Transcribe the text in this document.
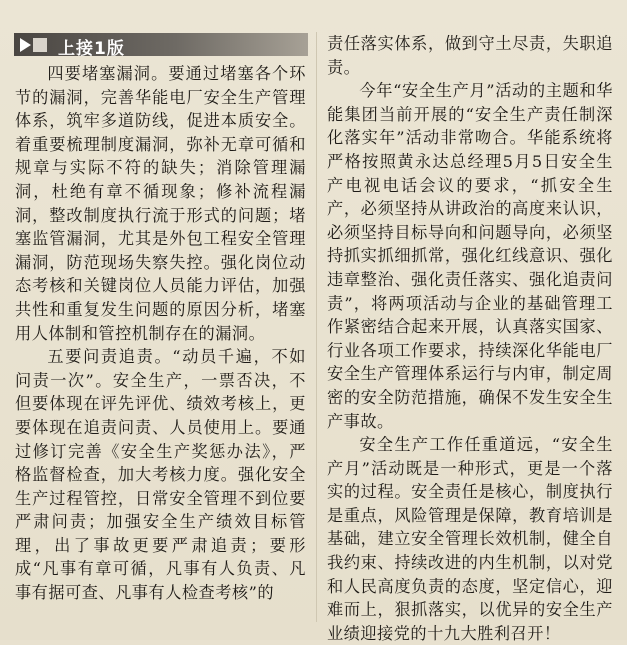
上接1版

四要堵塞漏洞。要通过堵塞各个环节的漏洞，完善华能电厂安全生产管理体系，筑牢多道防线，促进本质安全。着重要梳理制度漏洞，弥补无章可循和规章与实际不符的缺失；消除管理漏洞，杜绝有章不循现象；修补流程漏洞，整改制度执行流于形式的问题；堵塞监管漏洞，尤其是外包工程安全管理漏洞，防范现场失察失控。强化岗位动态考核和关键岗位人员能力评估，加强共性和重复发生问题的原因分析，堵塞用人体制和管控机制存在的漏洞。

五要问责追责。“动员千遍，不如问责一次”。安全生产，一票否决，不但要体现在评先评优、绩效考核上，更要体现在追责问责、人员使用上。要通过修订完善《安全生产奖惩办法》，严格监督检查，加大考核力度。强化安全生产过程管控，日常安全管理不到位要严肃问责；加强安全生产绩效目标管理，出了事故更要严肃追责；要形成“凡事有章可循，凡事有人负责、凡事有据可查、凡事有人检查考核”的

责任落实体系，做到守土尽责，失职追责。

今年“安全生产月”活动的主题和华能集团当前开展的“安全生产责任制深化落实年”活动非常吻合。华能系统将严格按照黄永达总经理5月5日安全生产电视电话会议的要求，“抓安全生产，必须坚持从讲政治的高度来认识，必须坚持目标导向和问题导向，必须坚持抓实抓细抓常，强化红线意识、强化违章整治、强化责任落实、强化追责问责”，将两项活动与企业的基础管理工作紧密结合起来开展，认真落实国家、行业各项工作要求，持续深化华能电厂安全生产管理体系运行与内审，制定周密的安全防范措施，确保不发生安全生产事故。

安全生产工作任重道远，“安全生产月”活动既是一种形式，更是一个落实的过程。安全责任是核心，制度执行是重点，风险管理是保障，教育培训是基础，建立安全管理长效机制，健全自我约束、持续改进的内生机制，以对党和人民高度负责的态度，坚定信心，迎难而上，狠抓落实，以优异的安全生产业绩迎接党的十九大胜利召开！
